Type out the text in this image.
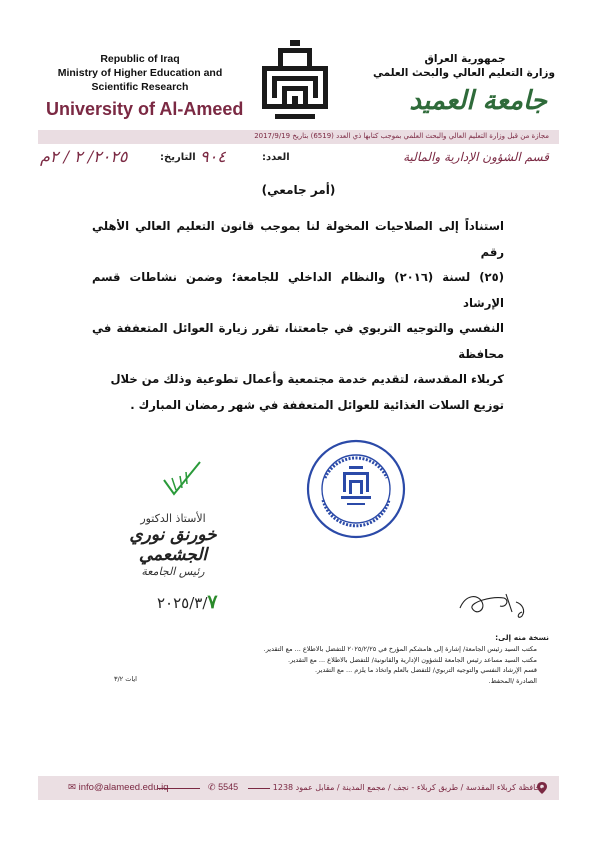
Republic of Iraq
Ministry of Higher Education and
Scientific Research
University of Al-Ameed
جمهورية العراق
وزارة التعليم العالي والبحث العلمي
جامعة العميد
مجازة من قبل وزارة التعليم العالي والبحث العلمي بموجب كتابها ذي العدد (6519) بتاريخ 2017/9/19
قسم الشؤون الإدارية والمالية
العدد:
٩٠٤
التاريخ:
٢٠٢٥/ ٢ / ٢م
(أمر جامعي)

استناداً إلى الصلاحيات المخولة لنا بموجب قانون التعليم العالي الأهلي رقم

(٢٥) لسنة (٢٠١٦) والنظام الداخلي للجامعة؛ وضمن نشاطات قسم الإرشاد

النفسي والتوجيه التربوي في جامعتنا، تقرر زيارة العوائل المتعففة في محافظة

كربلاء المقدسة، لتقديم خدمة مجتمعية وأعمال تطوعية وذلك من خلال

توزيع السلات الغذائية للعوائل المتعففة في شهر رمضان المبارك .

الأستاذ الدكتور
خورنق نوري الجشعمي
رئيس الجامعة
٢٠٢٥/٣/٧
نسخة منه إلى:
مكتب السيد رئيس الجامعة/ إشارة إلى هامشكم المؤرخ في ٢٠٢٥/٢/٢٥ للتفضل بالاطلاع ... مع التقدير.
مكتب السيد مساعد رئيس الجامعة للشؤون الإدارية والقانونية/ للتفضل بالاطلاع ... مع التقدير.
قسم الإرشاد النفسي والتوجيه التربوي/ للتفضل بالعلم واتخاذ ما يلزم ... مع التقدير.
الصادرة /المحفظ.
ايات ٣/٢
محافظة كربلاء المقدسة / طريق كربلاء - نجف / مجمع المدينة / مقابل عمود 1238
✆ 5545
✉ info@alameed.edu.iq
